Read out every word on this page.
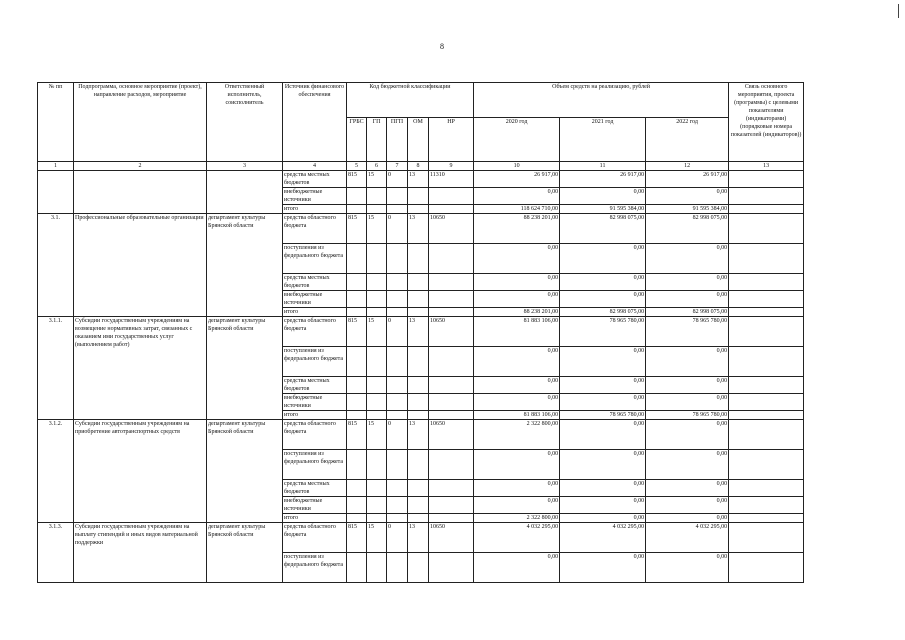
8
№ пп	Подпрограмма, основное мероприятие (проект), направление расходов, мероприятие	Ответственный исполнитель, соисполнитель	Источник финансового обеспечения	Код бюджетной классификации					Объем средств на реализацию, рублей			Связь основного мероприятия, проекта (программы) с целевыми показателями (индикаторами) (порядковые номера показателей (индикаторов))
				ГРБС	ГП	ПГП	ОМ	НР	2020 год	2021 год	2022 год	
1	2	3	4	5	6	7	8	9	10	11	12	13
			средства местных бюджетов	815	15	0	13	11310	26 917,00	26 917,00	26 917,00	
			внебюджетные источники						0,00	0,00	0,00	
			итого						118 624 710,00	91 595 384,00	91 595 384,00	
3.1.	Профессиональные образовательные организации	департамент культуры Брянской области	средства областного бюджета	815	15	0	13	10650	88 238 201,00	82 998 075,00	82 998 075,00	
			поступления из федерального бюджета						0,00	0,00	0,00	
			средства местных бюджетов						0,00	0,00	0,00	
			внебюджетные источники						0,00	0,00	0,00	
			итого						88 238 201,00	82 998 075,00	82 998 075,00	
3.1.1.	Субсидии государственным учреждениям на возмещение нормативных затрат, связанных с оказанием ими государственных услуг (выполнением работ)	департамент культуры Брянской области	средства областного бюджета	815	15	0	13	10650	81 883 106,00	78 965 780,00	78 965 780,00	
			поступления из федерального бюджета						0,00	0,00	0,00	
			средства местных бюджетов						0,00	0,00	0,00	
			внебюджетные источники						0,00	0,00	0,00	
			итого						81 883 106,00	78 965 780,00	78 965 780,00	
3.1.2.	Субсидии государственным учреждениям на приобретение автотранспортных средств	департамент культуры Брянской области	средства областного бюджета	815	15	0	13	10650	2 322 800,00	0,00	0,00	
			поступления из федерального бюджета						0,00	0,00	0,00	
			средства местных бюджетов						0,00	0,00	0,00	
			внебюджетные источники						0,00	0,00	0,00	
			итого						2 322 800,00	0,00	0,00	
3.1.3.	Субсидии государственным учреждениям на выплату стипендий и иных видов материальной поддержки	департамент культуры Брянской области	средства областного бюджета	815	15	0	13	10650	4 032 295,00	4 032 295,00	4 032 295,00	
			поступления из федерального бюджета						0,00	0,00	0,00	
